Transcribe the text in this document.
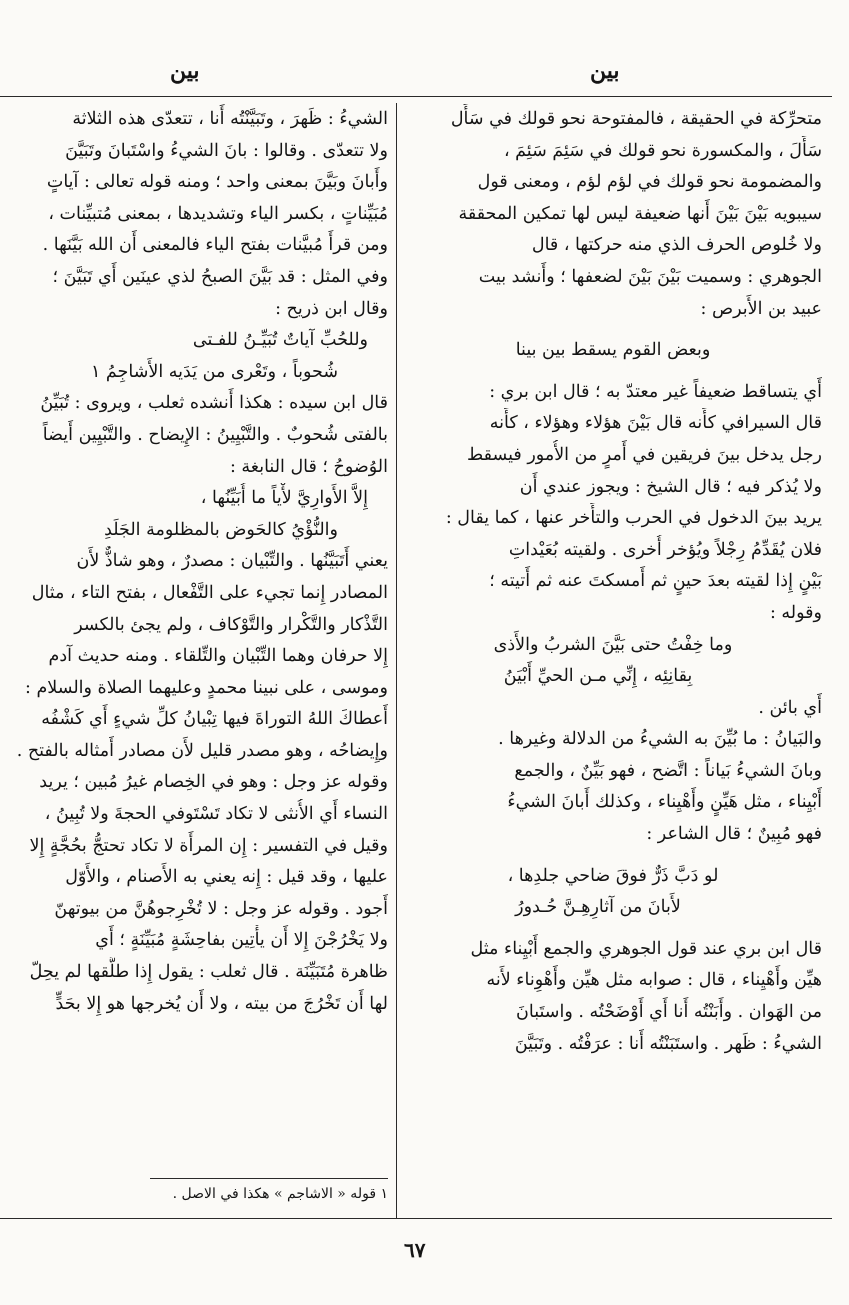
بين
بين
متحرِّكة في الحقيقة ، فالمفتوحة نحو قولك في سَأَل
سَأَلَ ، والمكسورة نحو قولك في سَئِمَ سَئِمَ ،
والمضمومة نحو قولك في لؤم لؤم ، ومعنى قول
سيبويه بَيْنَ بَيْنَ أَنها ضعيفة ليس لها تمكين المحققة
ولا خُلوص الحرف الذي منه حركتها ، قال
الجوهري : وسميت بَيْنَ بَيْنَ لضعفها ؛ وأَنشد بيت
عبيد بن الأَبرص :
وبعض القوم يسقط بين بينا
أَي يتساقط ضعيفاً غير معتدّ به ؛ قال ابن بري :
قال السيرافي كأَنه قال بَيْنَ هؤلاء وهؤلاء ، كأَنه
رجل يدخل بينَ فريقين في أَمرٍ من الأُمور فيسقط
ولا يُذكر فيه ؛ قال الشيخ : ويجوز عندي أَن
يريد بينَ الدخول في الحرب والتأَخر عنها ، كما يقال :
فلان يُقَدِّمُ رِجْلاً ويُؤخر أُخرى . ولقيته بُعَيْداتِ
بَيْنٍ إِذا لقيته بعدَ حينٍ ثم أَمسكتَ عنه ثم أَتيته ؛
وقوله :
وما خِفْتُ حتى بَيَّنَ الشربُ والأَذى
بِقانِئِه ، إِنِّي مـن الحيِّ أَبْيَنُ
أَي بائن .
والبَيانُ : ما بُيِّنَ به الشيءُ من الدلالة وغيرها .
وبانَ الشيءُ بَياناً : اتَّضح ، فهو بَيِّنٌ ، والجمع
أَبْيِناء ، مثل هَيِّنٍ وأَهْيِناء ، وكذلك أَبانَ الشيءُ
فهو مُبِينٌ ؛ قال الشاعر :
لو دَبَّ ذَرٌّ فوقَ ضاحي جلدِها ،
لأَبانَ من آثارِهِـنَّ حُـدورُ
قال ابن بري عند قول الجوهري والجمع أَبْيِناء مثل
هيِّن وأَهْيِناء ، قال : صوابه مثل هيِّن وأَهْوِناء لأَنه
من الهَوان . وأَبَنْتُه أَنا أَي أَوْضَحْتُه . واستَبانَ
الشيءُ : ظَهر . واستَبَنْتُه أَنا : عرَفْتُه . وتَبَيَّنَ
الشيءُ : ظَهرَ ، وتَبَيَّنْتُه أَنا ، تتعدّى هذه الثلاثة
ولا تتعدّى . وقالوا : بانَ الشيءُ واسْتَبانَ وتَبَيَّنَ
وأَبانَ وبَيَّنَ بمعنى واحد ؛ ومنه قوله تعالى : آياتٍ
مُبَيِّناتٍ ، بكسر الياء وتشديدها ، بمعنى مُتبيِّنات ،
ومن قرأَ مُبيَّنات بفتح الياء فالمعنى أَن الله بَيَّنَها .
وفي المثل : قد بَيَّنَ الصبحُ لذي عينَين أَي تَبَيَّنَ ؛
وقال ابن ذريح :
وللحُبِّ آياتٌ تُبَيِّـنُ للفـتى
شُحوباً ، وتَعْرى من يَدَيه الأَشاجِمُ ١
قال ابن سيده : هكذا أَنشده ثعلب ، ويروى : تُبَيِّنُ
بالفتى شُحوبٌ . والتَّبْيِينُ : الإِيضاح . والتَّبْيِين أَيضاً
الوُضوحُ ؛ قال النابغة :
إِلاَّ الأَوارِيَّ لأْياً ما أُبَيِّنُها ،
والنُّؤْيُ كالحَوض بالمظلومة الجَلَدِ
يعني أَتَبَيَّنُها . والتِّبْيان : مصدرٌ ، وهو شاذٌّ لأَن
المصادر إِنما تجيء على التَّفْعال ، بفتح التاء ، مثال
التَّذْكار والتَّكْرار والتَّوْكاف ، ولم يجئ بالكسر
إِلا حرفان وهما التِّبْيان والتِّلقاء . ومنه حديث آدم
وموسى ، على نبينا محمدٍ وعليهما الصلاة والسلام :
أَعطاكَ اللهُ التوراةَ فيها تِبْيانُ كلِّ شيءٍ أَي كَشْفُه
وإِيضاحُه ، وهو مصدر قليل لأَن مصادر أَمثاله بالفتح .
وقوله عز وجل : وهو في الخِصام غيرُ مُبين ؛ يريد
النساء أَي الأُنثى لا تكاد تَسْتَوفي الحجةَ ولا تُبِينُ ،
وقيل في التفسير : إِن المرأَة لا تكاد تحتجُّ بحُجَّةٍ إِلا
عليها ، وقد قيل : إِنه يعني به الأَصنام ، والأَوّل
أَجود . وقوله عز وجل : لا تُخْرِجوهُنَّ من بيوتهنّ
ولا يَخْرُجْنَ إِلا أَن يأْتِين بفاحِشَةٍ مُبَيِّنَةٍ ؛ أَي
ظاهرة مُتَبَيِّنَة . قال ثعلب : يقول إِذا طلَّقها لم يحِلّ
لها أَن تَخْرُجَ من بيته ، ولا أَن يُخرجها هو إِلا بحَدٍّ
١ قوله « الاشاجم » هكذا في الاصل .
٦٧
